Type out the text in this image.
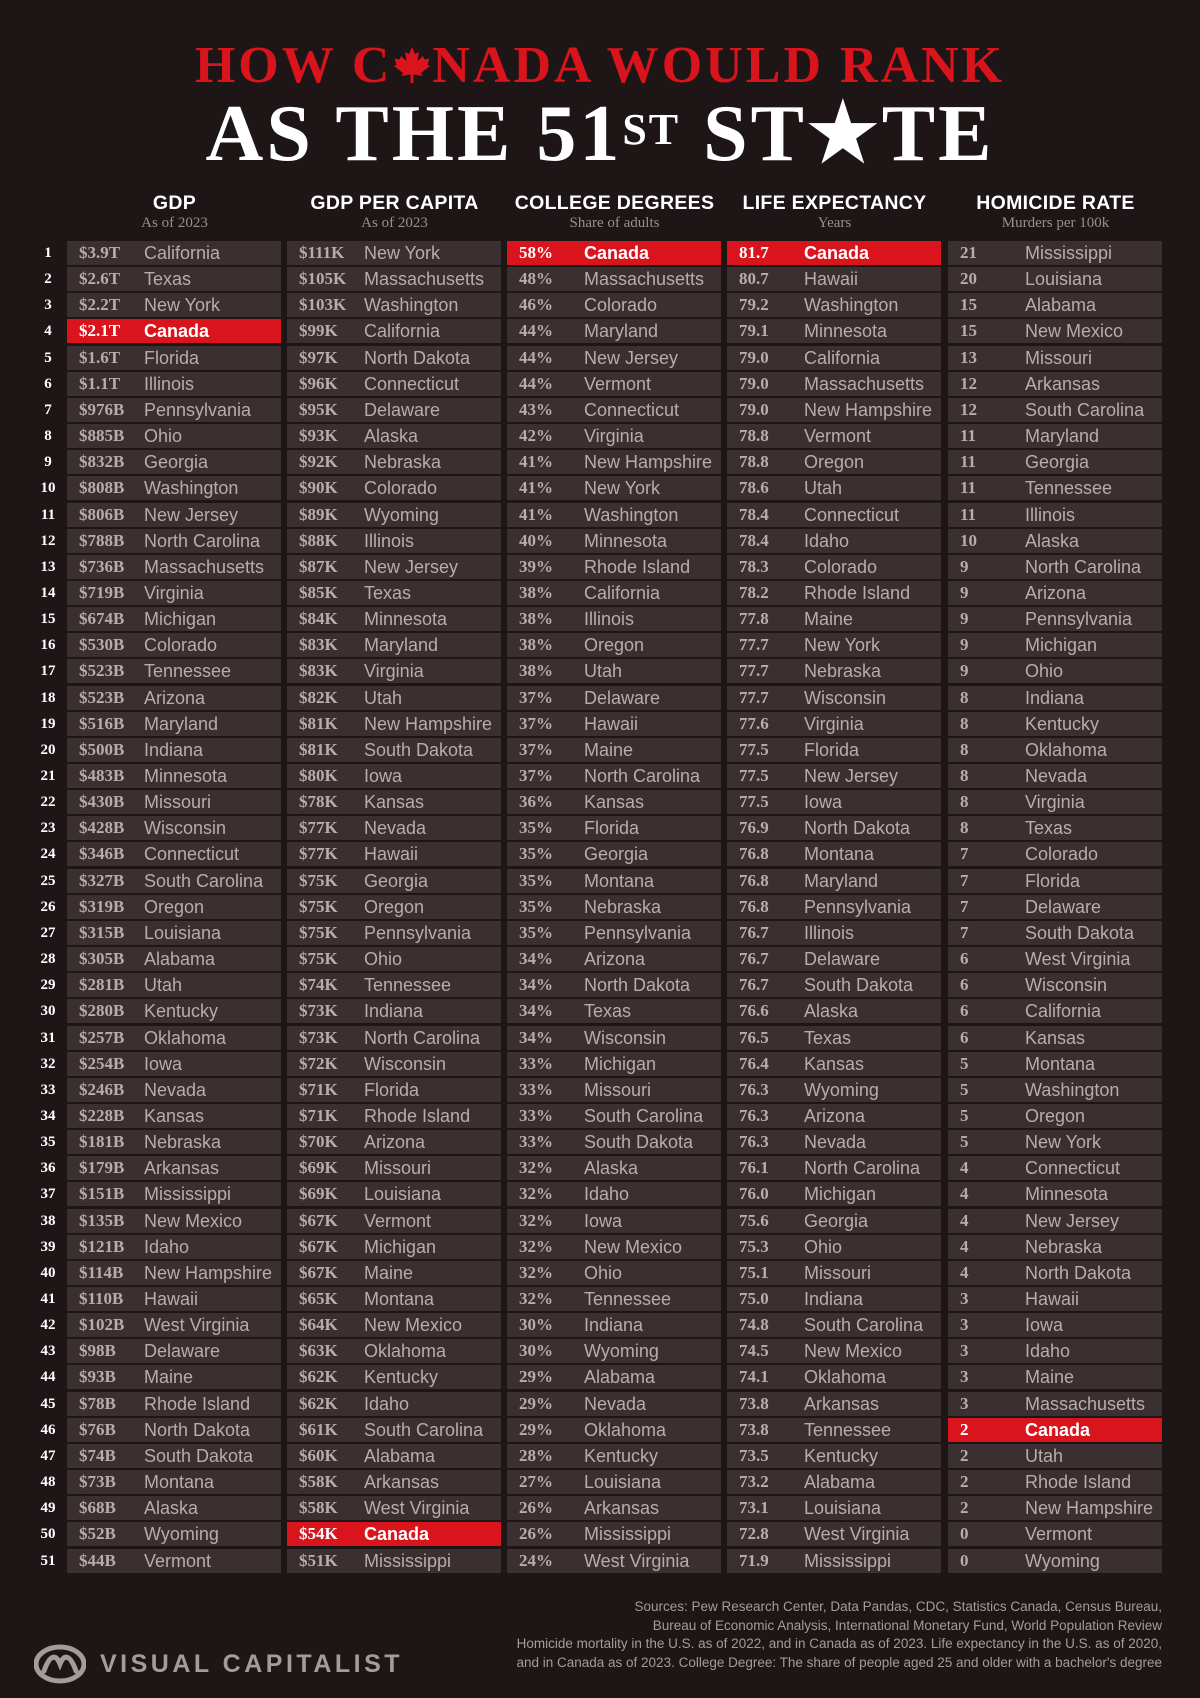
HOW C NADA WOULD RANK
AS THE 51ST ST★TE
GDP
As of 2023
GDP PER CAPITA
As of 2023
COLLEGE DEGREES
Share of adults
LIFE EXPECTANCY
Years
HOMICIDE RATE
Murders per 100k
1	$3.9T California	$111K New York	58% Canada	81.7 Canada	21	Mississippi
2	$2.6T Texas	$105K Massachusetts 48% Massachusetts 80.7 Hawaii	20	Louisiana
3	$2.2T New York	$103K Washington	46% Colorado	79.2 Washington	15	Alabama
4	$2.1T Canada	$99K California	44% Maryland	79.1 Minnesota	15	New Mexico
5	$1.6T Florida	$97K North Dakota	44% New Jersey	79.0 California	13	Missouri
6	$1.1T Illinois	$96K Connecticut	44% Vermont	79.0 Massachusetts 12	Arkansas
7	$976B Pennsylvania	$95K Delaware	43% Connecticut	79.0 New Hampshire 12	South Carolina
8	$885B Ohio	$93K Alaska	42% Virginia	78.8 Vermont	11	Maryland
9	$832B Georgia	$92K Nebraska	41% New Hampshire 78.8 Oregon	11	Georgia
10	$808B Washington	$90K Colorado	41% New York	78.6 Utah	11	Tennessee
11	$806B New Jersey	$89K Wyoming	41% Washington	78.4 Connecticut	11	Illinois
12	$788B North Carolina $88K Illinois	40% Minnesota	78.4 Idaho	10	Alaska
13	$736B Massachusetts $87K New Jersey	39% Rhode Island	78.3 Colorado	9	North Carolina
14	$719B Virginia	$85K Texas	38% California	78.2 Rhode Island	9	Arizona
15	$674B Michigan	$84K Minnesota	38% Illinois	77.8 Maine	9	Pennsylvania
16	$530B Colorado	$83K Maryland	38% Oregon	77.7 New York	9	Michigan
17	$523B Tennessee	$83K Virginia	38% Utah	77.7 Nebraska	9	Ohio
18	$523B Arizona	$82K Utah	37% Delaware	77.7 Wisconsin	8	Indiana
19	$516B Maryland	$81K New Hampshire 37% Hawaii	77.6 Virginia	8	Kentucky
20	$500B Indiana	$81K South Dakota	37% Maine	77.5 Florida	8	Oklahoma
21	$483B Minnesota	$80K Iowa	37% North Carolina 77.5 New Jersey	8	Nevada
22	$430B Missouri	$78K Kansas	36% Kansas	77.5 Iowa	8	Virginia
23	$428B Wisconsin	$77K Nevada	35% Florida	76.9 North Dakota	8	Texas
24	$346B Connecticut	$77K Hawaii	35% Georgia	76.8 Montana	7	Colorado
25	$327B South Carolina $75K Georgia	35% Montana	76.8 Maryland	7	Florida
26	$319B Oregon	$75K Oregon	35% Nebraska	76.8 Pennsylvania	7	Delaware
27	$315B Louisiana	$75K Pennsylvania	35% Pennsylvania	76.7 Illinois	7	South Dakota
28	$305B Alabama	$75K Ohio	34% Arizona	76.7 Delaware	6	West Virginia
29	$281B Utah	$74K Tennessee	34% North Dakota	76.7 South Dakota	6	Wisconsin
30	$280B Kentucky	$73K Indiana	34% Texas	76.6 Alaska	6	California
31	$257B Oklahoma	$73K North Carolina 34% Wisconsin	76.5 Texas	6	Kansas
32	$254B Iowa	$72K Wisconsin	33% Michigan	76.4 Kansas	5	Montana
33	$246B Nevada	$71K Florida	33% Missouri	76.3 Wyoming	5	Washington
34	$228B Kansas	$71K Rhode Island	33% South Carolina 76.3 Arizona	5	Oregon
35	$181B Nebraska	$70K Arizona	33% South Dakota	76.3 Nevada	5	New York
36	$179B Arkansas	$69K Missouri	32% Alaska	76.1 North Carolina 4	Connecticut
37	$151B Mississippi	$69K Louisiana	32% Idaho	76.0 Michigan	4	Minnesota
38	$135B New Mexico	$67K Vermont	32% Iowa	75.6 Georgia	4	New Jersey
39	$121B Idaho	$67K Michigan	32% New Mexico	75.3 Ohio	4	Nebraska
40	$114B New Hampshire $67K Maine	32% Ohio	75.1 Missouri	4	North Dakota
41	$110B Hawaii	$65K Montana	32% Tennessee	75.0 Indiana	3	Hawaii
42	$102B West Virginia	$64K New Mexico	30% Indiana	74.8 South Carolina 3	Iowa
43	$98B Delaware	$63K Oklahoma	30% Wyoming	74.5 New Mexico	3	Idaho
44	$93B Maine	$62K Kentucky	29% Alabama	74.1 Oklahoma	3	Maine
45	$78B Rhode Island	$62K Idaho	29% Nevada	73.8 Arkansas	3	Massachusetts
46	$76B North Dakota	$61K South Carolina 29% Oklahoma	73.8 Tennessee	2	Canada
47	$74B South Dakota	$60K Alabama	28% Kentucky	73.5 Kentucky	2	Utah
48	$73B Montana	$58K Arkansas	27% Louisiana	73.2 Alabama	2	Rhode Island
49	$68B Alaska	$58K West Virginia	26% Arkansas	73.1 Louisiana	2	New Hampshire
50	$52B Wyoming	$54K Canada	26% Mississippi	72.8 West Virginia	0	Vermont
51	$44B Vermont	$51K Mississippi	24% West Virginia	71.9 Mississippi	0	Wyoming
Sources: Pew Research Center, Data Pandas, CDC, Statistics Canada, Census Bureau,
Bureau of Economic Analysis, International Monetary Fund, World Population Review
Homicide mortality in the U.S. as of 2022, and in Canada as of 2023. Life expectancy in the U.S. as of 2020,
and in Canada as of 2023. College Degree: The share of people aged 25 and older with a bachelor's degree
VISUAL CAPITALIST
